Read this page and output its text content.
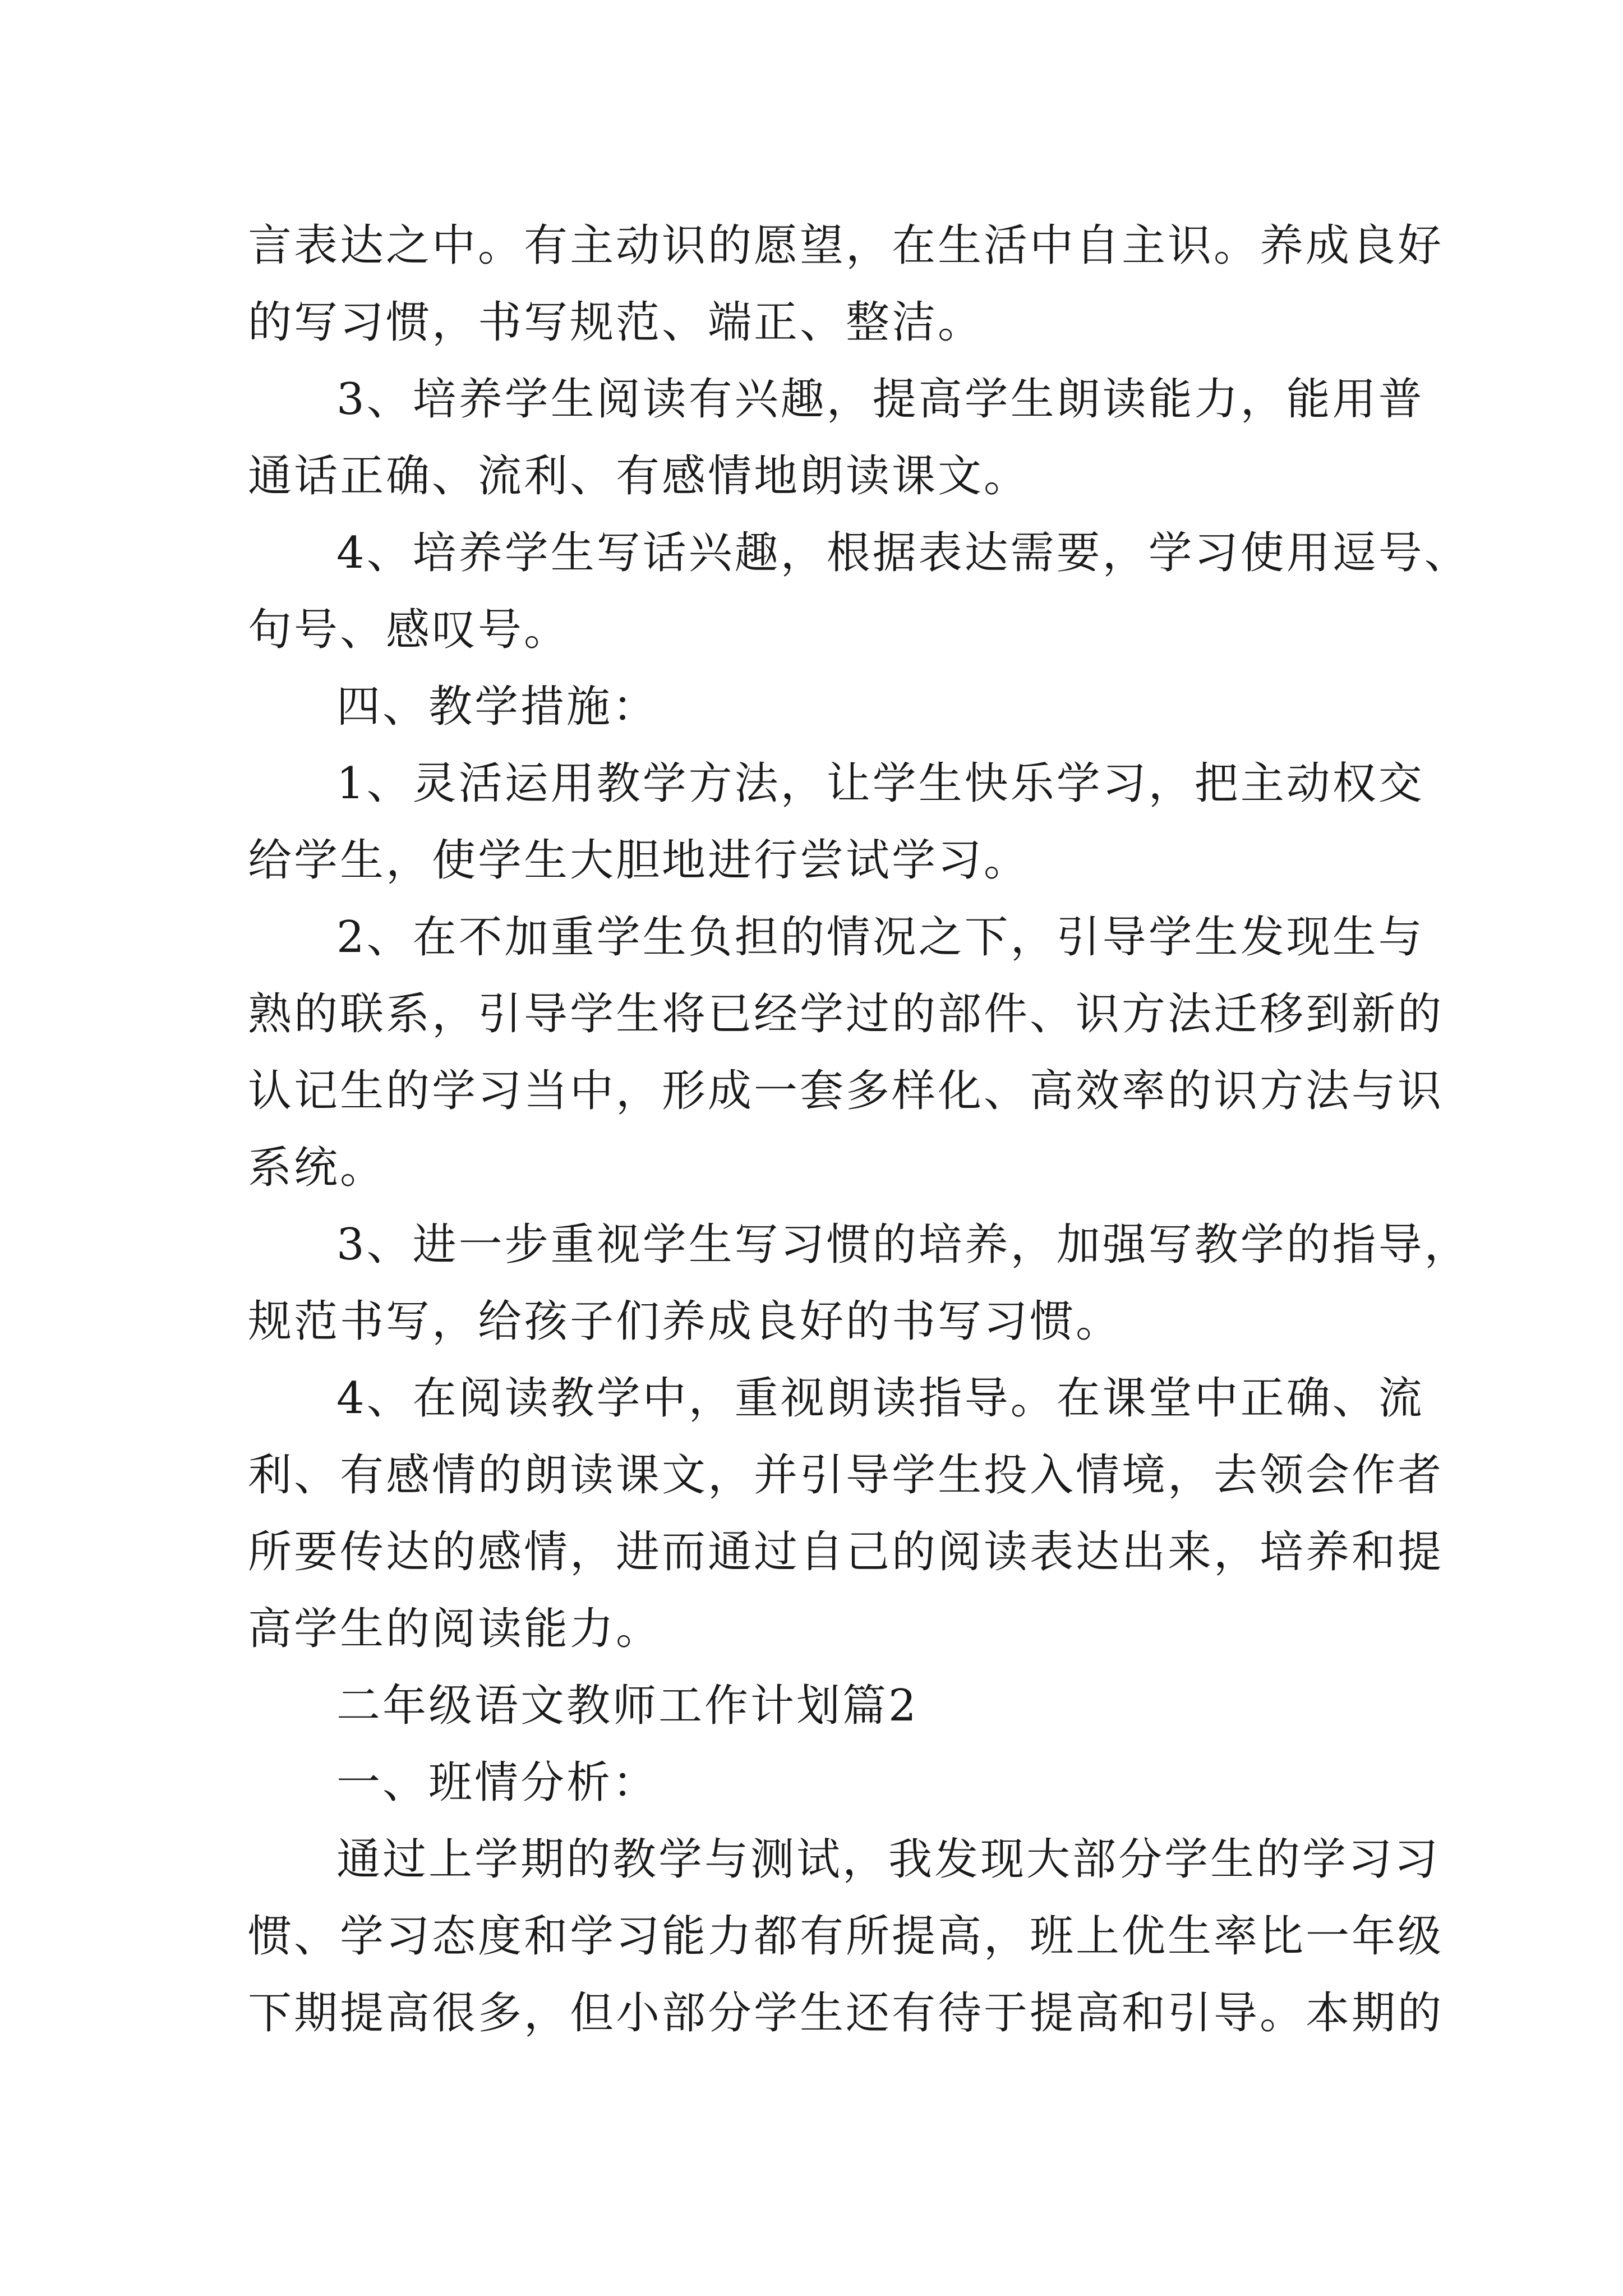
言表达之中。有主动识的愿望，在生活中自主识。养成良好

的写习惯，书写规范、端正、整洁。

3、培养学生阅读有兴趣，提高学生朗读能力，能用普

通话正确、流利、有感情地朗读课文。

4、培养学生写话兴趣，根据表达需要，学习使用逗号、

句号、感叹号。

四、教学措施：

1、灵活运用教学方法，让学生快乐学习，把主动权交

给学生，使学生大胆地进行尝试学习。

2、在不加重学生负担的情况之下，引导学生发现生与

熟的联系，引导学生将已经学过的部件、识方法迁移到新的

认记生的学习当中，形成一套多样化、高效率的识方法与识

系统。

3、进一步重视学生写习惯的培养，加强写教学的指导，

规范书写，给孩子们养成良好的书写习惯。

4、在阅读教学中，重视朗读指导。在课堂中正确、流

利、有感情的朗读课文，并引导学生投入情境，去领会作者

所要传达的感情，进而通过自己的阅读表达出来，培养和提

高学生的阅读能力。

二年级语文教师工作计划篇2

一、班情分析：

通过上学期的教学与测试，我发现大部分学生的学习习

惯、学习态度和学习能力都有所提高，班上优生率比一年级

下期提高很多，但小部分学生还有待于提高和引导。本期的
